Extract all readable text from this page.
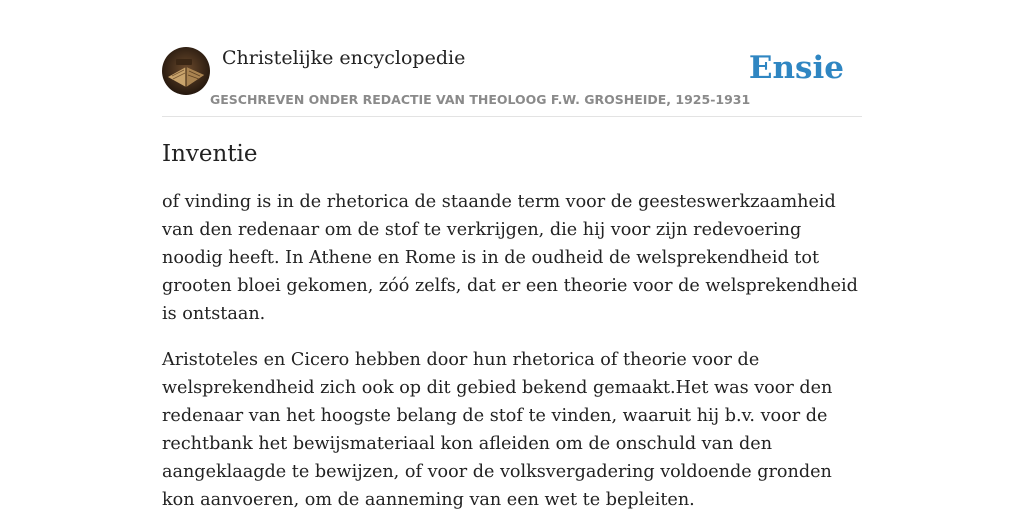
Christelijke encyclopedie
GESCHREVEN ONDER REDACTIE VAN THEOLOOG F.W. GROSHEIDE, 1925-1931
Ensie
Inventie

of vinding is in de rhetorica de staande term voor de geesteswerkzaamheid van den redenaar om de stof te verkrijgen, die hij voor zijn redevoering noodig heeft. In Athene en Rome is in de oudheid de welsprekendheid tot grooten bloei gekomen, zóó zelfs, dat er een theorie voor de welsprekendheid is ontstaan.

Aristoteles en Cicero hebben door hun rhetorica of theorie voor de welsprekendheid zich ook op dit gebied bekend gemaakt.Het was voor den redenaar van het hoogste belang de stof te vinden, waaruit hij b.v. voor de rechtbank het bewijsmateriaal kon afleiden om de onschuld van den aangeklaagde te bewijzen, of voor de volksvergadering voldoende gronden kon aanvoeren, om de aanneming van een wet te bepleiten.
